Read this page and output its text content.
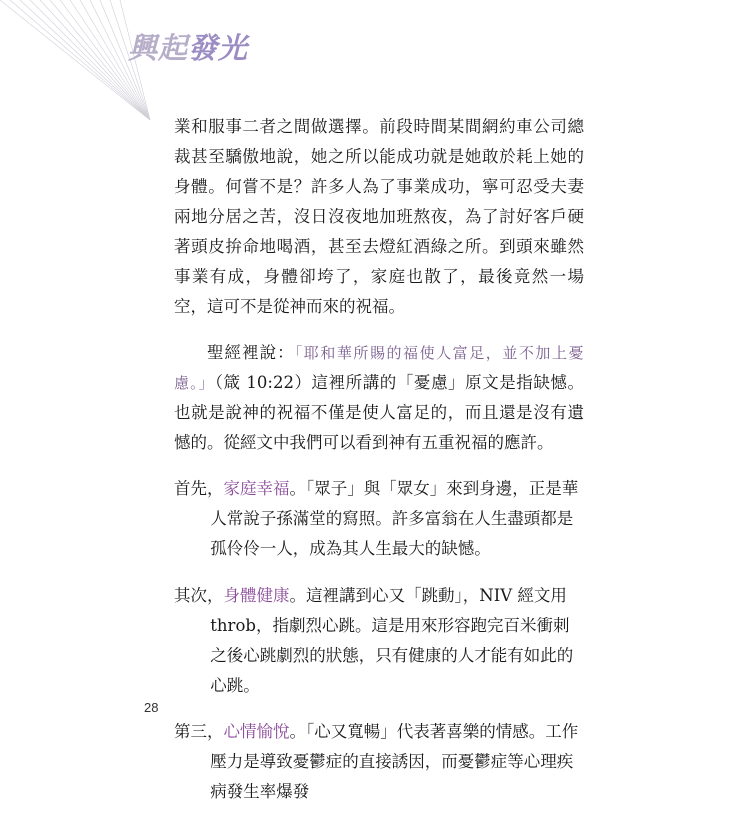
興起發光

業和服事二者之間做選擇。前段時間某間網約車公司總裁甚至驕傲地說，她之所以能成功就是她敢於耗上她的身體。何嘗不是？許多人為了事業成功，寧可忍受夫妻兩地分居之苦，沒日沒夜地加班熬夜，為了討好客戶硬著頭皮拚命地喝酒，甚至去燈紅酒綠之所。到頭來雖然事業有成，身體卻垮了，家庭也散了，最後竟然一場空，這可不是從神而來的祝福。

聖經裡說：「耶和華所賜的福使人富足，並不加上憂慮。」（箴 10:22）這裡所講的「憂慮」原文是指缺憾。也就是說神的祝福不僅是使人富足的，而且還是沒有遺憾的。從經文中我們可以看到神有五重祝福的應許。

首先，家庭幸福。「眾子」與「眾女」來到身邊，正是華人常說子孫滿堂的寫照。許多富翁在人生盡頭都是孤伶伶一人，成為其人生最大的缺憾。

其次，身體健康。這裡講到心又「跳動」，NIV 經文用 throb，指劇烈心跳。這是用來形容跑完百米衝刺之後心跳劇烈的狀態，只有健康的人才能有如此的心跳。

第三，心情愉悅。「心又寬暢」代表著喜樂的情感。工作壓力是導致憂鬱症的直接誘因，而憂鬱症等心理疾病發生率爆發

28
